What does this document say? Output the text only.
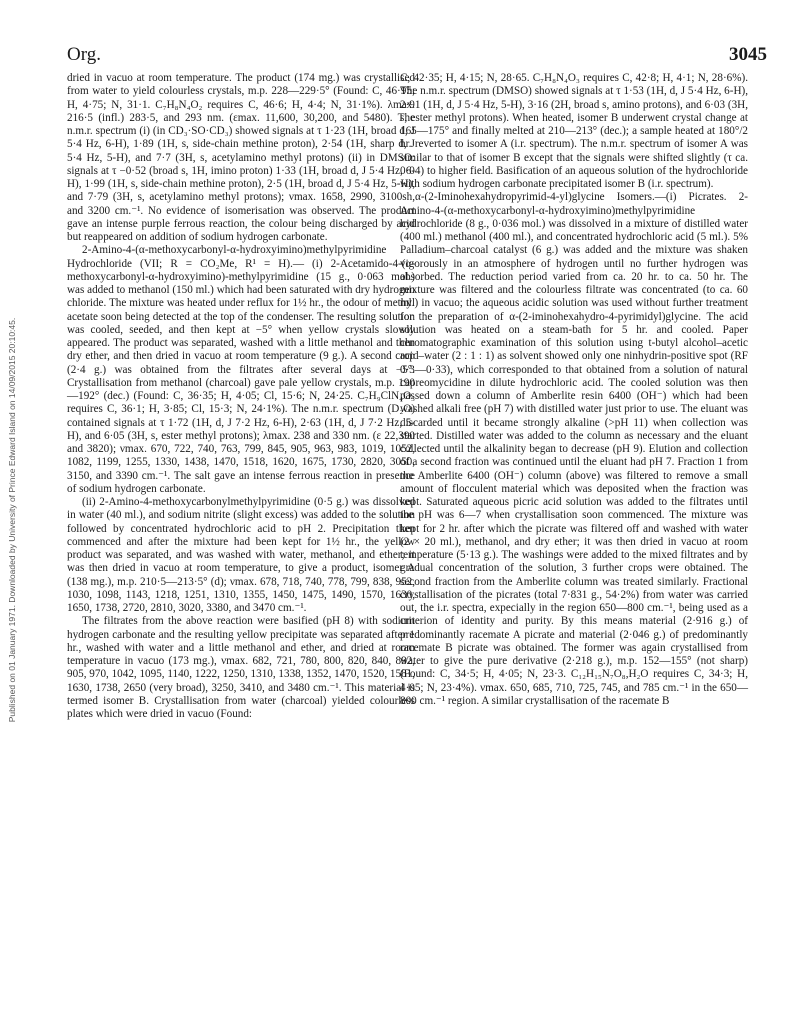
Published on 01 January 1971. Downloaded by University of Prince Edward Island on 14/09/2015 20:10:45.
Org.	3045

dried in vacuo at room temperature. The product (174 mg.) was crystallised from water to yield colourless crystals, m.p. 228—229·5° (Found: C, 46·95; H, 4·75; N, 31·1. C₇H₈N₄O₂ requires C, 46·6; H, 4·4; N, 31·1%). λmax. 216·5 (infl.) 283·5, and 293 nm. (εmax. 11,600, 30,200, and 5480). The n.m.r. spectrum (i) (in CD₃·SO·CD₃) showed signals at τ 1·23 (1H, broad d, J 5·4 Hz, 6-H), 1·89 (1H, s, side-chain methine proton), 2·54 (1H, sharp d, J 5·4 Hz, 5-H), and 7·7 (3H, s, acetylamino methyl protons) (ii) in DMSO: signals at τ −0·52 (broad s, 1H, imino proton) 1·33 (1H, broad d, J 5·4 Hz, 6-H), 1·99 (1H, s, side-chain methine proton), 2·5 (1H, broad d, J 5·4 Hz, 5-H), and 7·79 (3H, s, acetylamino methyl protons); νmax. 1658, 2990, 3100sh, and 3200 cm.⁻¹. No evidence of isomerisation was observed. The product gave an intense purple ferrous reaction, the colour being discharged by acid but reappeared on addition of sodium hydrogen carbonate.

2-Amino-4-(α-methoxycarbonyl-α-hydroxyimino)methylpyrimidine Hydrochloride (VII; R = CO₂Me, R¹ = H).— (i) 2-Acetamido-4-(α-methoxycarbonyl-α-hydroxyimino)-methylpyrimidine (15 g., 0·063 mol.) was added to methanol (150 ml.) which had been saturated with dry hydrogen chloride. The mixture was heated under reflux for 1½ hr., the odour of methyl acetate soon being detected at the top of the condenser. The resulting solution was cooled, seeded, and then kept at −5° when yellow crystals slowly appeared. The product was separated, washed with a little methanol and then dry ether, and then dried in vacuo at room temperature (9 g.). A second crop (2·4 g.) was obtained from the filtrates after several days at −5°. Crystallisation from methanol (charcoal) gave pale yellow crystals, m.p. 190—192° (dec.) (Found: C, 36·35; H, 4·05; Cl, 15·6; N, 24·25. C₇H₉ClN₄O₃ requires C, 36·1; H, 3·85; Cl, 15·3; N, 24·1%). The n.m.r. spectrum (D₂O) contained signals at τ 1·72 (1H, d, J 7·2 Hz, 6-H), 2·63 (1H, d, J 7·2 Hz, 5-H), and 6·05 (3H, s, ester methyl protons); λmax. 238 and 330 nm. (ε 22,390 and 3820); νmax. 670, 722, 740, 763, 799, 845, 905, 963, 983, 1019, 1052, 1082, 1199, 1255, 1330, 1438, 1470, 1518, 1620, 1675, 1730, 2820, 3050, 3150, and 3390 cm.⁻¹. The salt gave an intense ferrous reaction in presence of sodium hydrogen carbonate.

(ii) 2-Amino-4-methoxycarbonylmethylpyrimidine (0·5 g.) was dissolved in water (40 ml.), and sodium nitrite (slight excess) was added to the solution followed by concentrated hydrochloric acid to pH 2. Precipitation then commenced and after the mixture had been kept for 1½ hr., the yellow product was separated, and was washed with water, methanol, and ether; it was then dried in vacuo at room temperature, to give a product, isomer A (138 mg.), m.p. 210·5—213·5° (d); νmax. 678, 718, 740, 778, 799, 838, 952, 1030, 1098, 1143, 1218, 1251, 1310, 1355, 1450, 1475, 1490, 1570, 1630, 1650, 1738, 2720, 2810, 3020, 3380, and 3470 cm.⁻¹.

The filtrates from the above reaction were basified (pH 8) with sodium hydrogen carbonate and the resulting yellow precipitate was separated after 1 hr., washed with water and a little methanol and ether, and dried at room temperature in vacuo (173 mg.), νmax. 682, 721, 780, 800, 820, 840, 892, 905, 970, 1042, 1095, 1140, 1222, 1250, 1310, 1338, 1352, 1470, 1520, 1581, 1630, 1738, 2650 (very broad), 3250, 3410, and 3480 cm.⁻¹. This material is termed isomer B. Crystallisation from water (charcoal) yielded colourless plates which were dried in vacuo (Found:

C, 42·35; H, 4·15; N, 28·65. C₇H₈N₄O₃ requires C, 42·8; H, 4·1; N, 28·6%). The n.m.r. spectrum (DMSO) showed signals at τ 1·53 (1H, d, J 5·4 Hz, 6-H), 2·91 (1H, d, J 5·4 Hz, 5-H), 3·16 (2H, broad s, amino protons), and 6·03 (3H, s, ester methyl protons). When heated, isomer B underwent crystal change at 165—175° and finally melted at 210—213° (dec.); a sample heated at 180°/2 hr. reverted to isomer A (i.r. spectrum). The n.m.r. spectrum of isomer A was similar to that of isomer B except that the signals were shifted slightly (τ ca. 0·04) to higher field. Basification of an aqueous solution of the hydrochloride with sodium hydrogen carbonate precipitated isomer B (i.r. spectrum).

α-(2-Iminohexahydropyrimid-4-yl)glycine Isomers.—(i) Picrates. 2-Amino-4-(α-methoxycarbonyl-α-hydroxyimino)methylpyrimidine hydrochloride (8 g., 0·036 mol.) was dissolved in a mixture of distilled water (400 ml.) methanol (400 ml.), and concentrated hydrochloric acid (5 ml.). 5% Palladium–charcoal catalyst (6 g.) was added and the mixture was shaken vigorously in an atmosphere of hydrogen until no further hydrogen was absorbed. The reduction period varied from ca. 20 hr. to ca. 50 hr. The mixture was filtered and the colourless filtrate was concentrated (to ca. 60 ml.) in vacuo; the aqueous acidic solution was used without further treatment for the preparation of α-(2-iminohexahydro-4-pyrimidyl)glycine. The acid solution was heated on a steam-bath for 5 hr. and cooled. Paper chromatographic examination of this solution using t-butyl alcohol–acetic acid–water (2 : 1 : 1) as solvent showed only one ninhydrin-positive spot (RF 0·3—0·33), which corresponded to that obtained from a solution of natural capreomycidine in dilute hydrochloric acid. The cooled solution was then passed down a column of Amberlite resin 6400 (OH⁻) which had been washed alkali free (pH 7) with distilled water just prior to use. The eluant was discarded until it became strongly alkaline (>pH 11) when collection was started. Distilled water was added to the column as necessary and the eluant collected until the alkalinity began to decrease (pH 9). Elution and collection of a second fraction was continued until the eluant had pH 7. Fraction 1 from the Amberlite 6400 (OH⁻) column (above) was filtered to remove a small amount of flocculent material which was deposited when the fraction was kept. Saturated aqueous picric acid solution was added to the filtrates until the pH was 6—7 when crystallisation soon commenced. The mixture was kept for 2 hr. after which the picrate was filtered off and washed with water (2 × 20 ml.), methanol, and dry ether; it was then dried in vacuo at room temperature (5·13 g.). The washings were added to the mixed filtrates and by gradual concentration of the solution, 3 further crops were obtained. The second fraction from the Amberlite column was treated similarly. Fractional crystallisation of the picrates (total 7·831 g., 54·2%) from water was carried out, the i.r. spectra, expecially in the region 650—800 cm.⁻¹, being used as a criterion of identity and purity. By this means material (2·916 g.) of predominantly racemate A picrate and material (2·046 g.) of predominantly racemate B picrate was obtained. The former was again crystallised from water to give the pure derivative (2·218 g.), m.p. 152—155° (not sharp) (Found: C, 34·5; H, 4·05; N, 23·3. C₁₂H₁₅N₇O₈,H₂O requires C, 34·3; H, 4·05; N, 23·4%). νmax. 650, 685, 710, 725, 745, and 785 cm.⁻¹ in the 650—800 cm.⁻¹ region. A similar crystallisation of the racemate B
